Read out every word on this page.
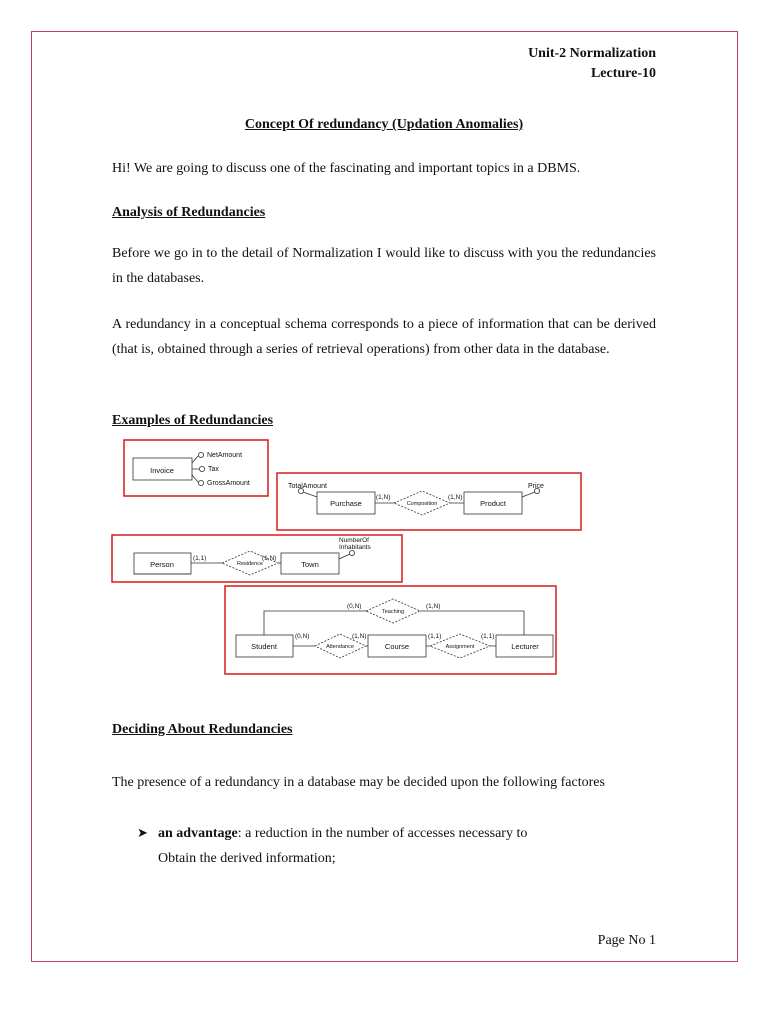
Unit-2 Normalization
Lecture-10
Concept Of redundancy (Updation Anomalies)
Hi! We are going to discuss one of the fascinating and important topics in a DBMS.
Analysis of Redundancies
Before we go in to the detail of Normalization I would like to discuss with you the redundancies in the databases.
A redundancy in a conceptual schema corresponds to a piece of information that can be derived (that is, obtained through a series of retrieval operations) from other data in the database.
Examples of Redundancies
Invoice
NetAmount
Tax
GrossAmount	TotalAmount
Purchase
(1,N)
Composition
(1,N)
Product
Price
Person
(1,1)
Residence
(1,N)
Town
NumberOf
Inhabitants
(0,N)
Teaching
(1,N)
Student
(0,N)
Attendance
(1,N)
Course
(1,1)
Assignment
(1,1)
Lecturer
Deciding About Redundancies
The presence of a redundancy in a database may be decided upon the following factores
➤ an advantage: a reduction in the number of accesses necessary to
Obtain the derived information;
Page No 1
